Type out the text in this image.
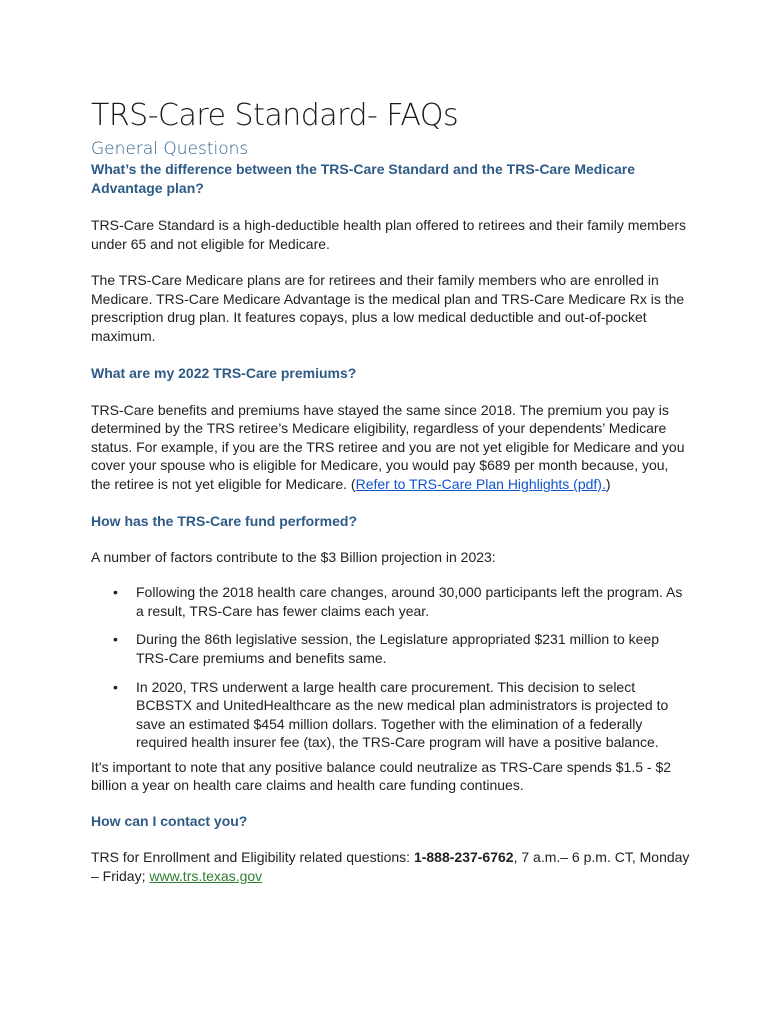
TRS-Care Standard- FAQs
General Questions
What’s the difference between the TRS-Care Standard and the TRS-Care Medicare Advantage plan?

TRS-Care Standard is a high-deductible health plan offered to retirees and their family members under 65 and not eligible for Medicare.

The TRS-Care Medicare plans are for retirees and their family members who are enrolled in Medicare. TRS-Care Medicare Advantage is the medical plan and TRS-Care Medicare Rx is the prescription drug plan. It features copays, plus a low medical deductible and out-of-pocket maximum.

What are my 2022 TRS-Care premiums?

TRS-Care benefits and premiums have stayed the same since 2018. The premium you pay is determined by the TRS retiree’s Medicare eligibility, regardless of your dependents’ Medicare status. For example, if you are the TRS retiree and you are not yet eligible for Medicare and you cover your spouse who is eligible for Medicare, you would pay $689 per month because, you, the retiree is not yet eligible for Medicare. (Refer to TRS-Care Plan Highlights (pdf).)

How has the TRS-Care fund performed?

A number of factors contribute to the $3 Billion projection in 2023:

• Following the 2018 health care changes, around 30,000 participants left the program. As a result, TRS-Care has fewer claims each year.
• During the 86th legislative session, the Legislature appropriated $231 million to keep TRS-Care premiums and benefits same.
• In 2020, TRS underwent a large health care procurement. This decision to select BCBSTX and UnitedHealthcare as the new medical plan administrators is projected to save an estimated $454 million dollars. Together with the elimination of a federally required health insurer fee (tax), the TRS-Care program will have a positive balance.

It’s important to note that any positive balance could neutralize as TRS-Care spends $1.5 - $2 billion a year on health care claims and health care funding continues.

How can I contact you?

TRS for Enrollment and Eligibility related questions: 1-888-237-6762, 7 a.m.– 6 p.m. CT, Monday – Friday; www.trs.texas.gov
